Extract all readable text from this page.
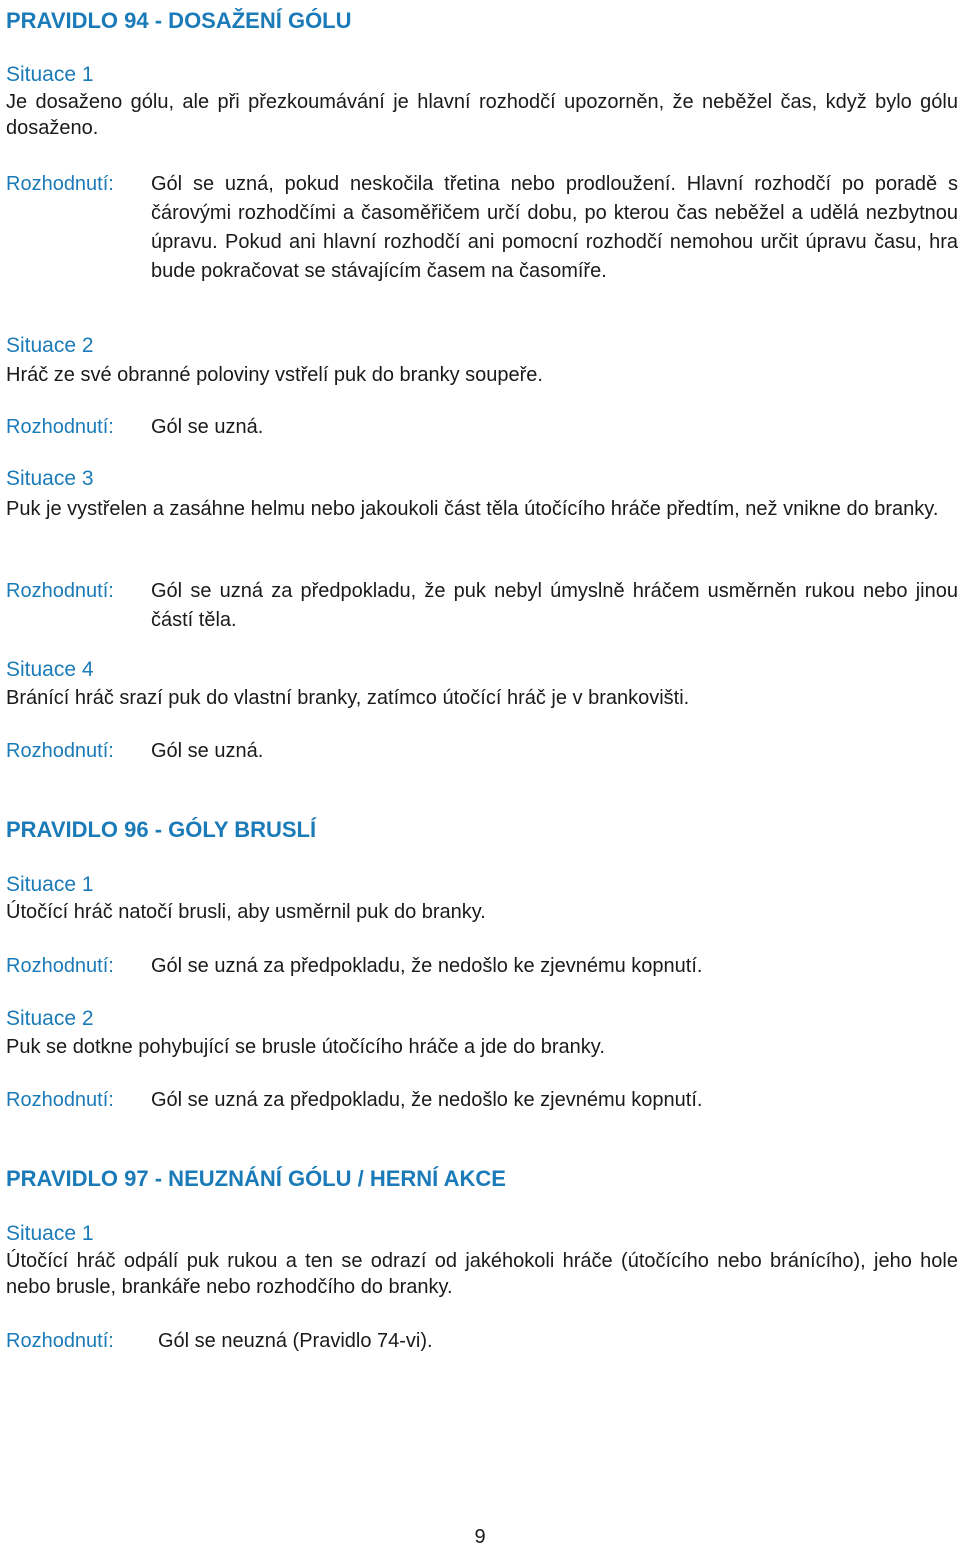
PRAVIDLO 94 - DOSAŽENÍ GÓLU
Situace 1
Je dosaženo gólu, ale při přezkoumávání je hlavní rozhodčí upozorněn, že neběžel čas, když bylo gólu dosaženo.
Rozhodnutí: Gól se uzná, pokud neskočila třetina nebo prodloužení. Hlavní rozhodčí po poradě s čárovými rozhodčími a časoměřičem určí dobu, po kterou čas neběžel a udělá nezbytnou úpravu. Pokud ani hlavní rozhodčí ani pomocní rozhodčí nemohou určit úpravu času, hra bude pokračovat se stávajícím časem na časomíře.
Situace 2
Hráč ze své obranné poloviny vstřelí puk do branky soupeře.
Rozhodnutí: Gól se uzná.
Situace 3
Puk je vystřelen a zasáhne helmu nebo jakoukoli část těla útočícího hráče předtím, než vnikne do branky.
Rozhodnutí: Gól se uzná za předpokladu, že puk nebyl úmyslně hráčem usměrněn rukou nebo jinou částí těla.
Situace 4
Bránící hráč srazí puk do vlastní branky, zatímco útočící hráč je v brankovišti.
Rozhodnutí: Gól se uzná.
PRAVIDLO 96 - GÓLY BRUSLÍ
Situace 1
Útočící hráč natočí brusli, aby usměrnil puk do branky.
Rozhodnutí: Gól se uzná za předpokladu, že nedošlo ke zjevnému kopnutí.
Situace 2
Puk se dotkne pohybující se brusle útočícího hráče a jde do branky.
Rozhodnutí: Gól se uzná za předpokladu, že nedošlo ke zjevnému kopnutí.
PRAVIDLO 97 - NEUZNÁNÍ GÓLU / HERNÍ AKCE
Situace 1
Útočící hráč odpálí puk rukou a ten se odrazí od jakéhokoli hráče (útočícího nebo bránícího), jeho hole nebo brusle, brankáře nebo rozhodčího do branky.
Rozhodnutí: Gól se neuzná (Pravidlo 74-vi).
9
